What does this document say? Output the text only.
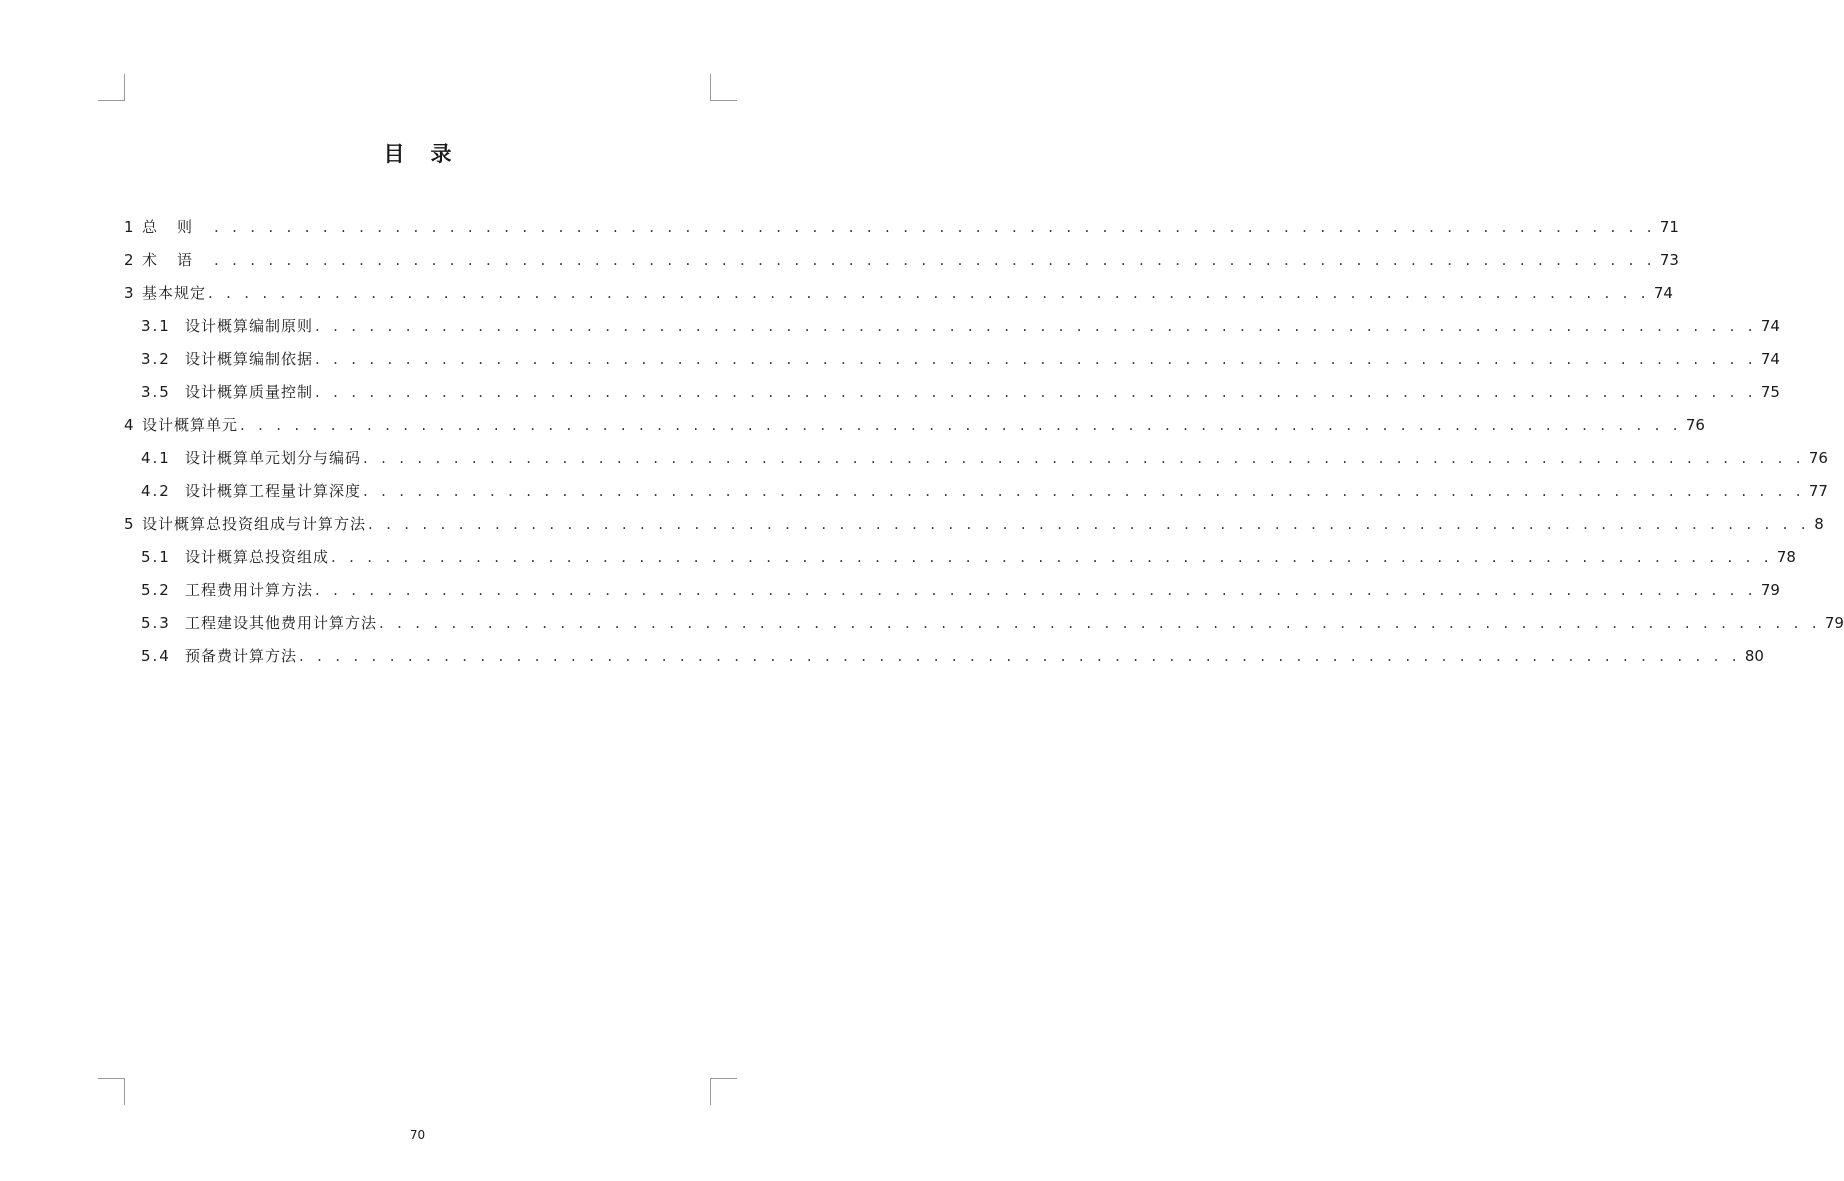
目录
1 总则 . . . . . . . . . . . . . . . . . . . . . . . . . . . . . . . . . . . . . . . . . . . . . . . . . . . . . . . . . . . . . . . . . . . . . . . . . . . . . . . . 71
2 术语 . . . . . . . . . . . . . . . . . . . . . . . . . . . . . . . . . . . . . . . . . . . . . . . . . . . . . . . . . . . . . . . . . . . . . . . . . . . . . . . . 73
3 基本规定 . . . . . . . . . . . . . . . . . . . . . . . . . . . . . . . . . . . . . . . . . . . . . . . . . . . . . . . . . . . . . . . . . . . . . . . . . . . . . . . . 74
3.1 设计概算编制原则 . . . . . . . . . . . . . . . . . . . . . . . . . . . . . . . . . . . . . . . . . . . . . . . . . . . . . . . . . . . . . . . . . . . . . . . . . . . . . . . . 74
3.2 设计概算编制依据 . . . . . . . . . . . . . . . . . . . . . . . . . . . . . . . . . . . . . . . . . . . . . . . . . . . . . . . . . . . . . . . . . . . . . . . . . . . . . . . . 74
3.5 设计概算质量控制 . . . . . . . . . . . . . . . . . . . . . . . . . . . . . . . . . . . . . . . . . . . . . . . . . . . . . . . . . . . . . . . . . . . . . . . . . . . . . . . . 75
4 设计概算单元 . . . . . . . . . . . . . . . . . . . . . . . . . . . . . . . . . . . . . . . . . . . . . . . . . . . . . . . . . . . . . . . . . . . . . . . . . . . . . . . . 76
4.1 设计概算单元划分与编码 . . . . . . . . . . . . . . . . . . . . . . . . . . . . . . . . . . . . . . . . . . . . . . . . . . . . . . . . . . . . . . . . . . . . . . . . . . . . . . . . 76
4.2 设计概算工程量计算深度 . . . . . . . . . . . . . . . . . . . . . . . . . . . . . . . . . . . . . . . . . . . . . . . . . . . . . . . . . . . . . . . . . . . . . . . . . . . . . . . . 77
5 设计概算总投资组成与计算方法 . . . . . . . . . . . . . . . . . . . . . . . . . . . . . . . . . . . . . . . . . . . . . . . . . . . . . . . . . . . . . . . . . . . . . . . . . . . . . . . . 8
5.1 设计概算总投资组成 . . . . . . . . . . . . . . . . . . . . . . . . . . . . . . . . . . . . . . . . . . . . . . . . . . . . . . . . . . . . . . . . . . . . . . . . . . . . . . . . 78
5.2 工程费用计算方法 . . . . . . . . . . . . . . . . . . . . . . . . . . . . . . . . . . . . . . . . . . . . . . . . . . . . . . . . . . . . . . . . . . . . . . . . . . . . . . . . 79
5.3 工程建设其他费用计算方法 . . . . . . . . . . . . . . . . . . . . . . . . . . . . . . . . . . . . . . . . . . . . . . . . . . . . . . . . . . . . . . . . . . . . . . . . . . . . . . . . 79
5.4 预备费计算方法 . . . . . . . . . . . . . . . . . . . . . . . . . . . . . . . . . . . . . . . . . . . . . . . . . . . . . . . . . . . . . . . . . . . . . . . . . . . . . . . . 80
70
